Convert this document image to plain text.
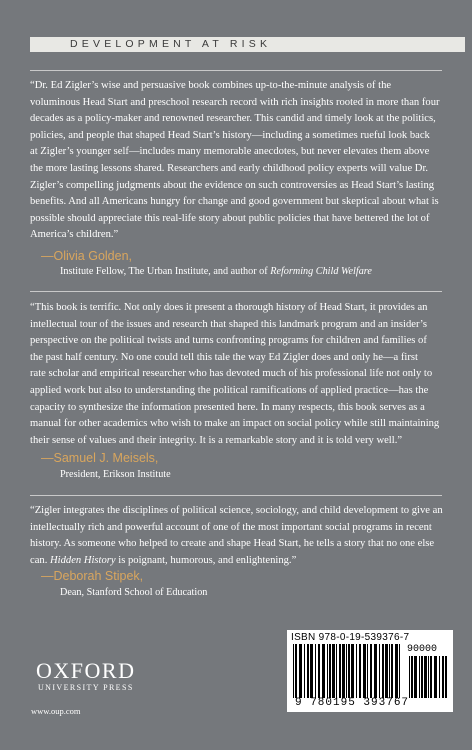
DEVELOPMENT AT RISK
“Dr. Ed Zigler’s wise and persuasive book combines up-to-the-minute analysis of the
voluminous Head Start and preschool research record with rich insights rooted in more than four
decades as a policy-maker and renowned researcher. This candid and timely look at the politics,
policies, and people that shaped Head Start’s history—including a sometimes rueful look back
at Zigler’s younger self—includes many memorable anecdotes, but never elevates them above
the more lasting lessons shared. Researchers and early childhood policy experts will value Dr.
Zigler’s compelling judgments about the evidence on such controversies as Head Start’s lasting
benefits. And all Americans hungry for change and good government but skeptical about what is
possible should appreciate this real-life story about public policies that have bettered the lot of
America’s children.”
—Olivia Golden,
Institute Fellow, The Urban Institute, and author of Reforming Child Welfare
“This book is terrific. Not only does it present a thorough history of Head Start, it provides an
intellectual tour of the issues and research that shaped this landmark program and an insider’s
perspective on the political twists and turns confronting programs for children and families of
the past half century. No one could tell this tale the way Ed Zigler does and only he—a first
rate scholar and empirical researcher who has devoted much of his professional life not only to
applied work but also to understanding the political ramifications of applied practice—has the
capacity to synthesize the information presented here. In many respects, this book serves as a
manual for other academics who wish to make an impact on social policy while still maintaining
their sense of values and their integrity. It is a remarkable story and it is told very well.”
—Samuel J. Meisels,
President, Erikson Institute
“Zigler integrates the disciplines of political science, sociology, and child development to give an
intellectually rich and powerful account of one of the most important social programs in recent
history. As someone who helped to create and shape Head Start, he tells a story that no one else
can. Hidden History is poignant, humorous, and enlightening.”
—Deborah Stipek,
Dean, Stanford School of Education
OXFORD
UNIVERSITY PRESS
www.oup.com
ISBN 978-0-19-539376-7
90000
9 780195 393767
